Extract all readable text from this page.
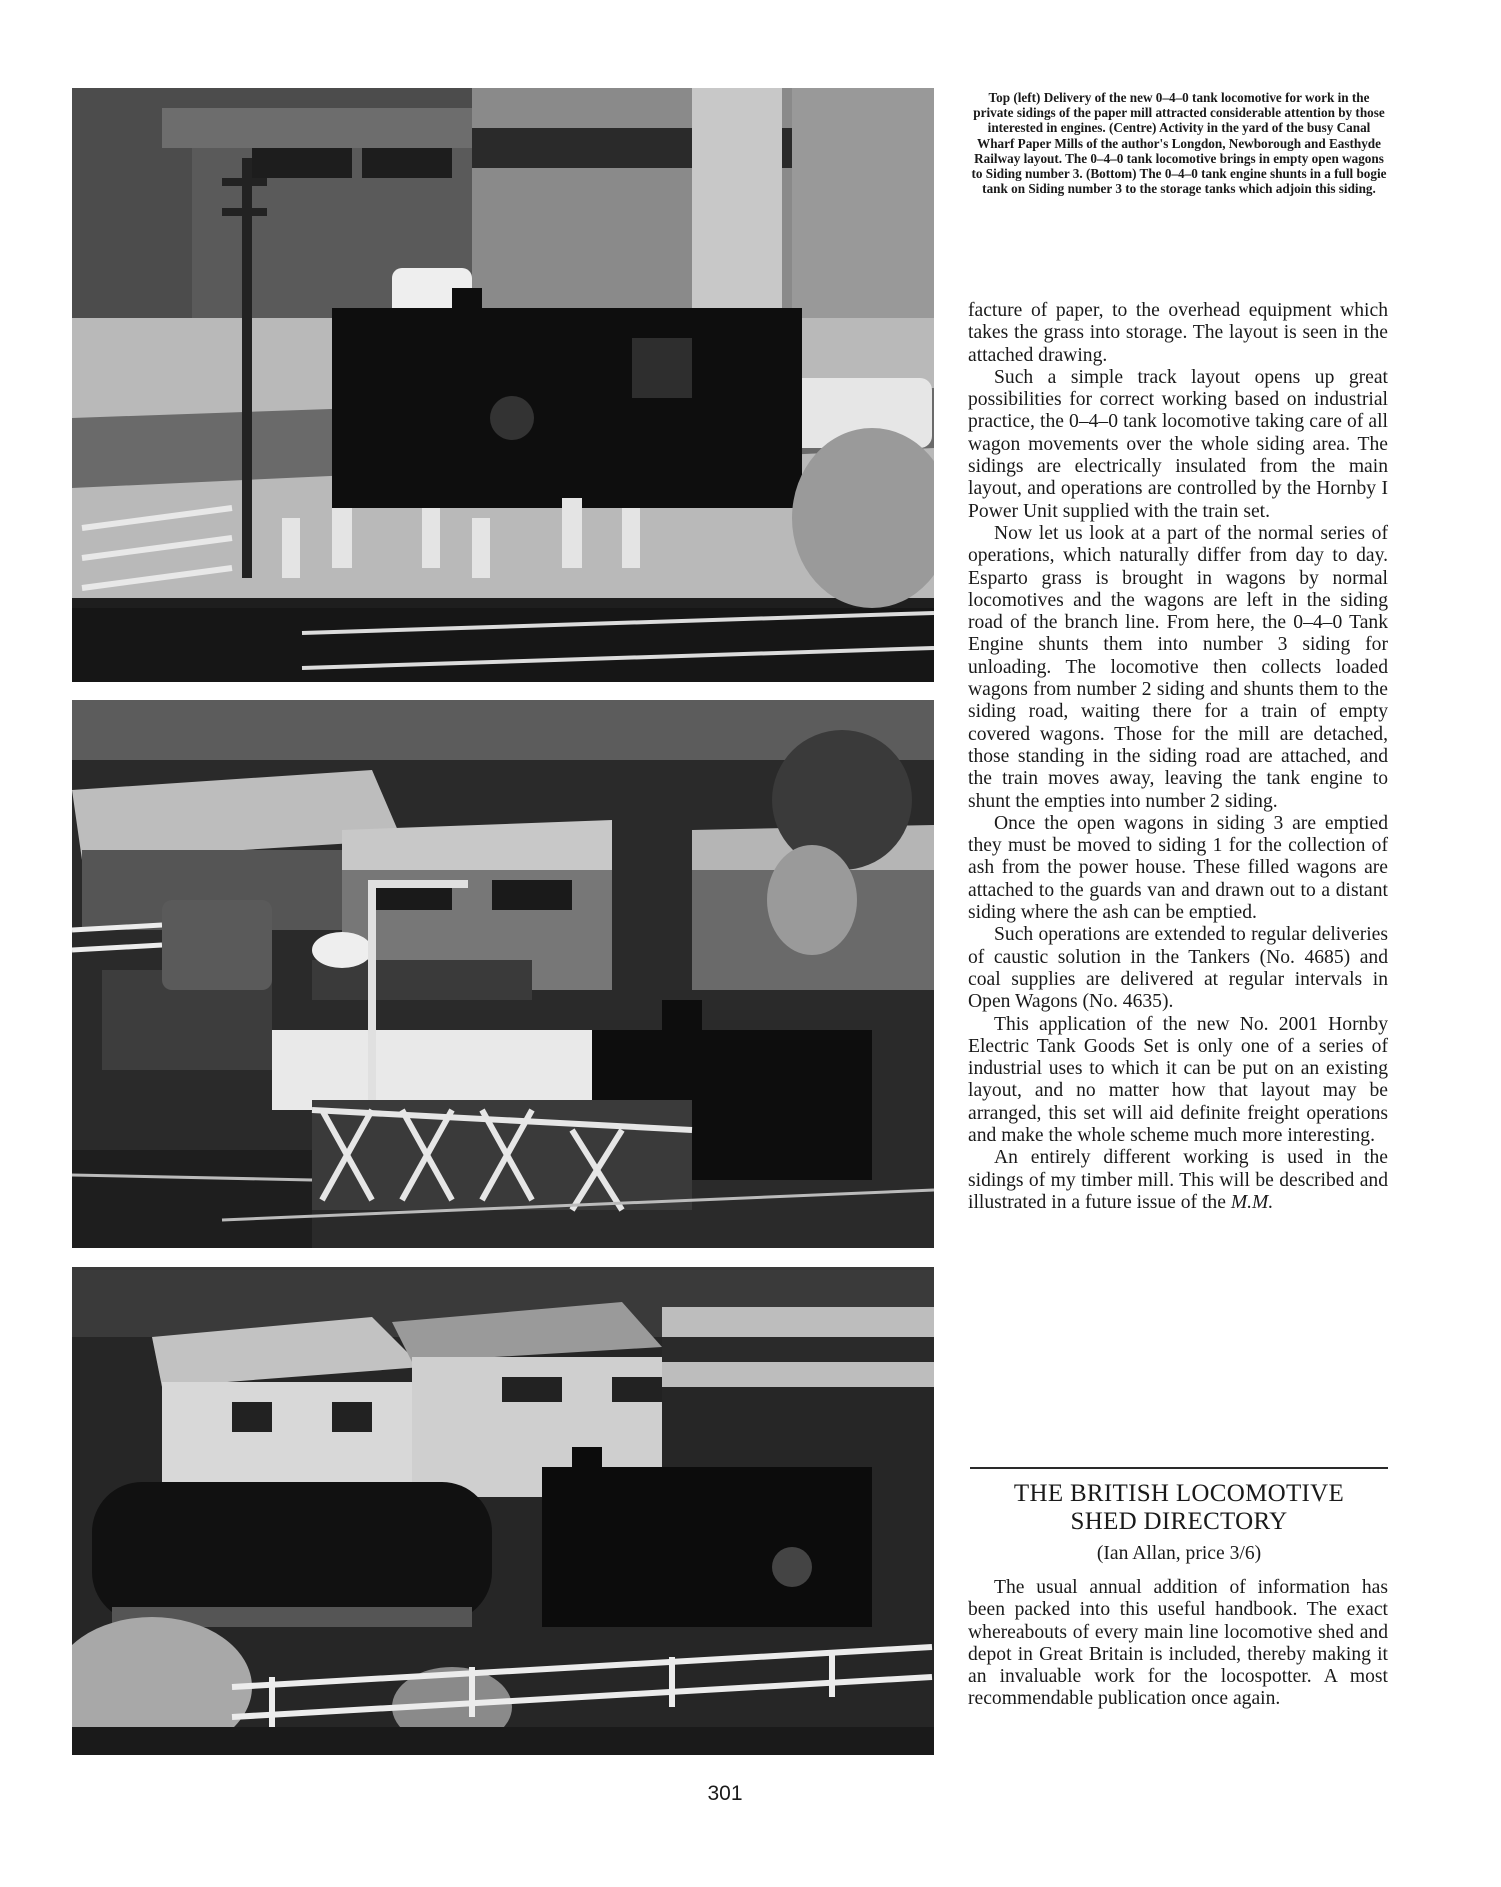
Top (left) Delivery of the new 0–4–0 tank locomotive for work in the private sidings of the paper mill attracted considerable attention by those interested in engines. (Centre) Activity in the yard of the busy Canal Wharf Paper Mills of the author's Longdon, Newborough and Easthyde Railway layout. The 0–4–0 tank locomotive brings in empty open wagons to Siding number 3. (Bottom) The 0–4–0 tank engine shunts in a full bogie tank on Siding number 3 to the storage tanks which adjoin this siding.

facture of paper, to the overhead equipment which takes the grass into storage. The layout is seen in the attached drawing.

Such a simple track layout opens up great possibilities for correct working based on industrial practice, the 0–4–0 tank locomotive taking care of all wagon movements over the whole siding area. The sidings are electrically insulated from the main layout, and operations are controlled by the Hornby I Power Unit supplied with the train set.

Now let us look at a part of the normal series of operations, which naturally differ from day to day. Esparto grass is brought in wagons by normal locomotives and the wagons are left in the siding road of the branch line. From here, the 0–4–0 Tank Engine shunts them into number 3 siding for unloading. The locomotive then collects loaded wagons from number 2 siding and shunts them to the siding road, waiting there for a train of empty covered wagons. Those for the mill are detached, those standing in the siding road are attached, and the train moves away, leaving the tank engine to shunt the empties into number 2 siding.

Once the open wagons in siding 3 are emptied they must be moved to siding 1 for the collection of ash from the power house. These filled wagons are attached to the guards van and drawn out to a distant siding where the ash can be emptied.

Such operations are extended to regular deliveries of caustic solution in the Tankers (No. 4685) and coal supplies are delivered at regular intervals in Open Wagons (No. 4635).

This application of the new No. 2001 Hornby Electric Tank Goods Set is only one of a series of industrial uses to which it can be put on an existing layout, and no matter how that layout may be arranged, this set will aid definite freight operations and make the whole scheme much more interesting.

An entirely different working is used in the sidings of my timber mill. This will be described and illustrated in a future issue of the M.M.

THE BRITISH LOCOMOTIVE
SHED DIRECTORY
(Ian Allan, price 3/6)

The usual annual addition of information has been packed into this useful handbook. The exact whereabouts of every main line locomotive shed and depot in Great Britain is included, thereby making it an invaluable work for the locospotter. A most recommendable publication once again.

301
